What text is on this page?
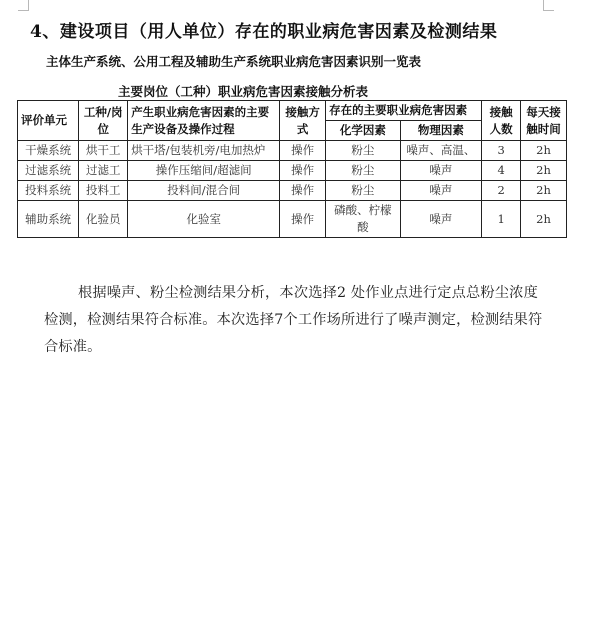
4、建设项目（用人单位）存在的职业病危害因素及检测结果
主体生产系统、公用工程及辅助生产系统职业病危害因素识别一览表
主要岗位（工种）职业病危害因素接触分析表
评价单元	工种/岗位	产生职业病危害因素的主要生产设备及操作过程	接触方式	存在的主要职业病危害因素		接触人数	每天接触时间
				化学因素	物理因素		
干燥系统	烘干工	烘干塔/包装机旁/电加热炉	操作	粉尘	噪声、高温、	3	2h
过滤系统	过滤工	操作压缩间/超滤间	操作	粉尘	噪声	4	2h
投料系统	投料工	投料间/混合间	操作	粉尘	噪声	2	2h
辅助系统	化验员	化验室	操作	磷酸、柠檬酸	噪声	1	2h

根据噪声、粉尘检测结果分析，本次选择2 处作业点进行定点总粉尘浓度检测，检测结果符合标准。本次选择7个工作场所进行了噪声测定，检测结果符合标准。
